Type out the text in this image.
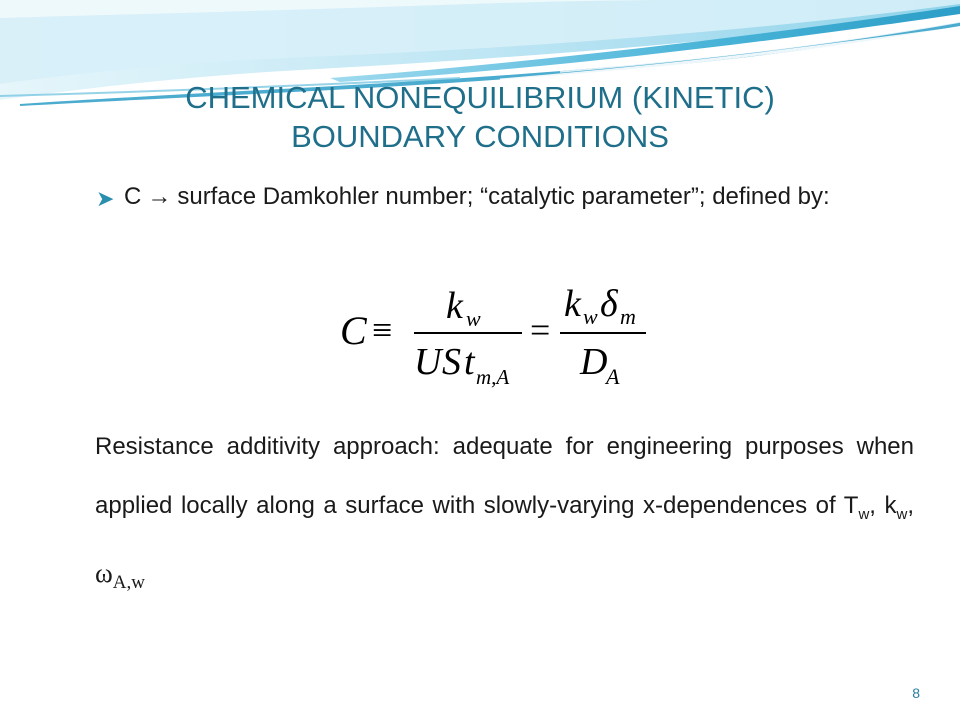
CHEMICAL NONEQUILIBRIUM (KINETIC)
BOUNDARY CONDITIONS
➤ C → surface Damkohler number; “catalytic parameter”; defined by:
C ≡
k w
U S t m,A
=
k w δ m
D
A
Resistance additivity approach: adequate for engineering purposes when applied locally along a surface with slowly-varying x-dependences of $T_w$, $k_w$, $\omega_{A,w}$
8
